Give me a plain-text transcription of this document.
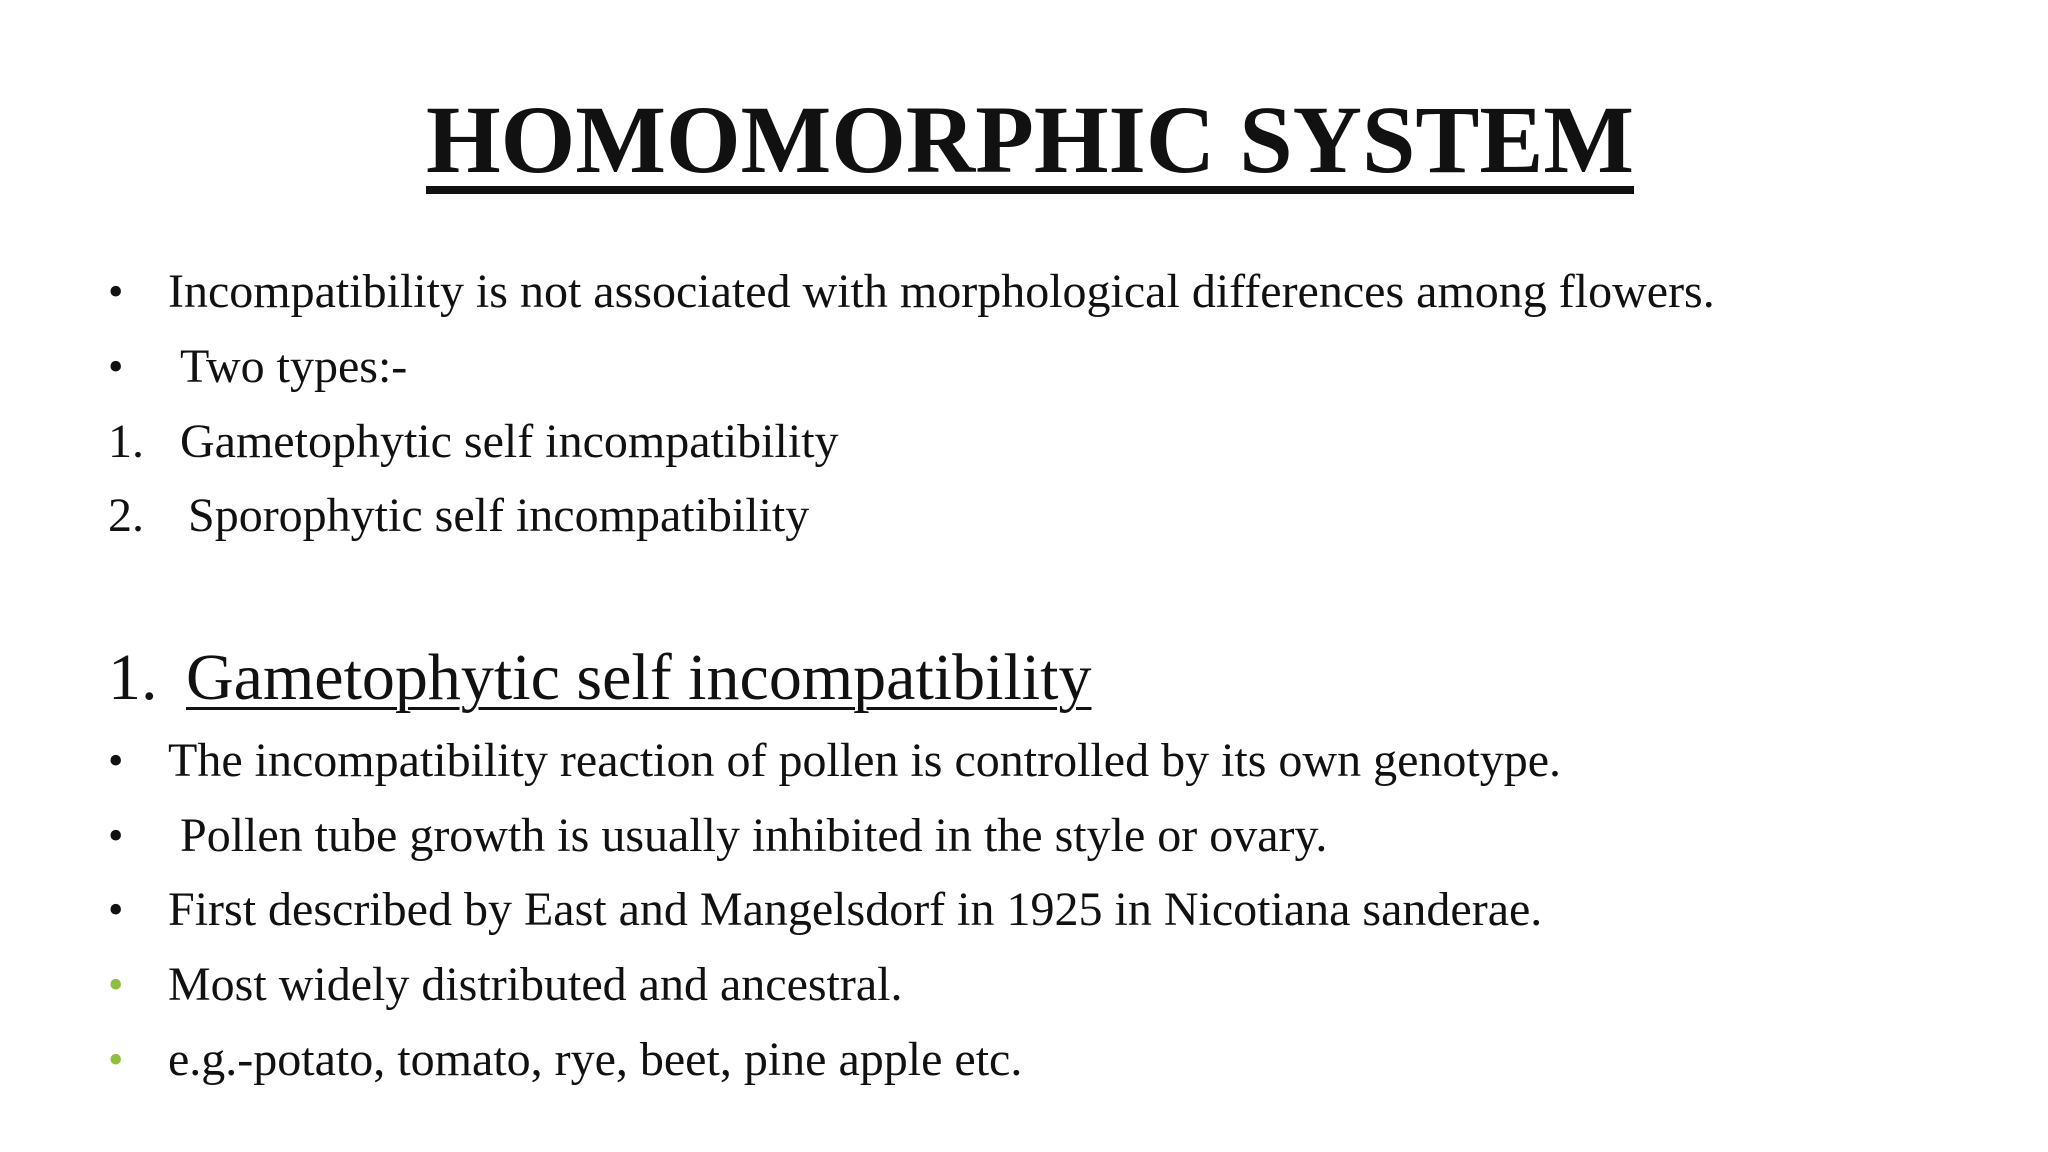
HOMOMORPHIC SYSTEM
• Incompatibility is not associated with morphological differences among flowers.
•	Two types:-
1. Gametophytic self incompatibility
2. Sporophytic self incompatibility
1. Gametophytic self incompatibility
• The incompatibility reaction of pollen is controlled by its own genotype.
•	Pollen tube growth is usually inhibited in the style or ovary.
• First described by East and Mangelsdorf in 1925 in Nicotiana sanderae.
• Most widely distributed and ancestral.
• e.g.-potato, tomato, rye, beet, pine apple etc.
